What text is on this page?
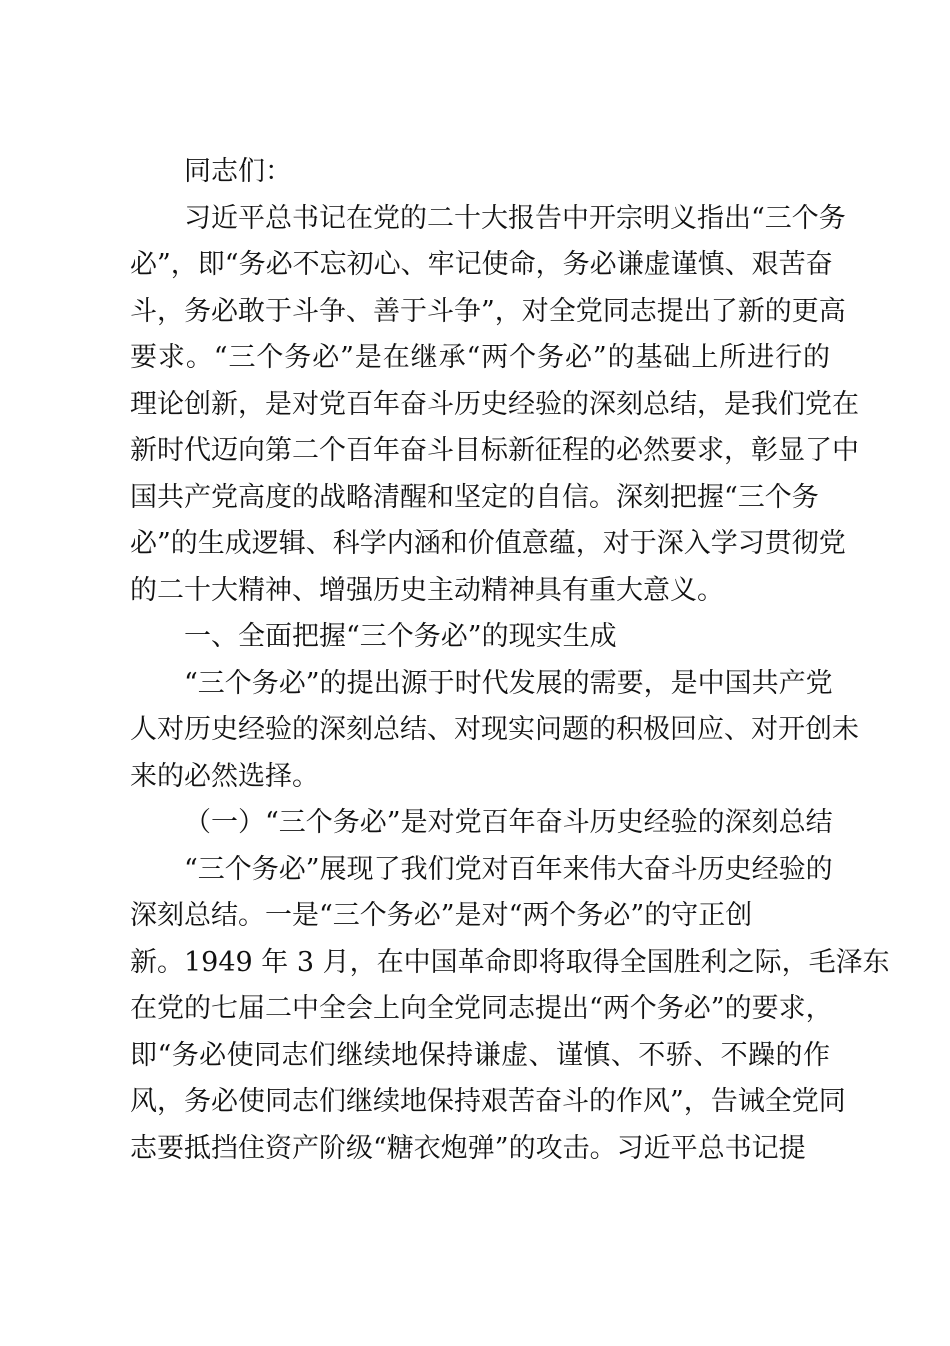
同志们：
习近平总书记在党的二十大报告中开宗明义指出“三个务
必”，即“务必不忘初心、牢记使命，务必谦虚谨慎、艰苦奋
斗，务必敢于斗争、善于斗争”，对全党同志提出了新的更高
要求。“三个务必”是在继承“两个务必”的基础上所进行的
理论创新，是对党百年奋斗历史经验的深刻总结，是我们党在
新时代迈向第二个百年奋斗目标新征程的必然要求，彰显了中
国共产党高度的战略清醒和坚定的自信。深刻把握“三个务
必”的生成逻辑、科学内涵和价值意蕴，对于深入学习贯彻党
的二十大精神、增强历史主动精神具有重大意义。
一、全面把握“三个务必”的现实生成
“三个务必”的提出源于时代发展的需要，是中国共产党
人对历史经验的深刻总结、对现实问题的积极回应、对开创未
来的必然选择。
（一）“三个务必”是对党百年奋斗历史经验的深刻总结
“三个务必”展现了我们党对百年来伟大奋斗历史经验的
深刻总结。一是“三个务必”是对“两个务必”的守正创
新。1949 年 3 月，在中国革命即将取得全国胜利之际，毛泽东
在党的七届二中全会上向全党同志提出“两个务必”的要求，
即“务必使同志们继续地保持谦虚、谨慎、不骄、不躁的作
风，务必使同志们继续地保持艰苦奋斗的作风”，告诫全党同
志要抵挡住资产阶级“糖衣炮弹”的攻击。习近平总书记提
